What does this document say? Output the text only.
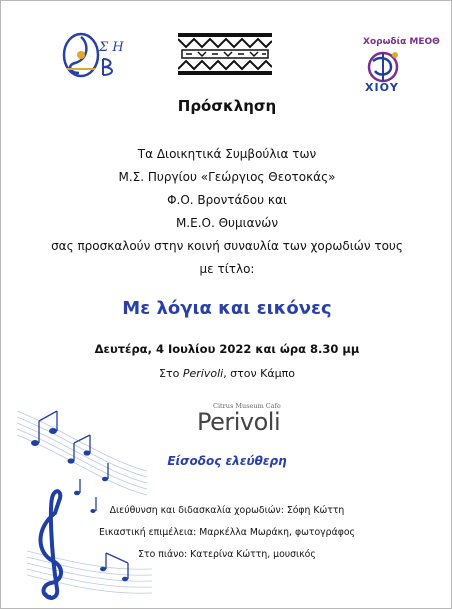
Σ Η	Χορωδία ΜΕΟΘ
ΧΙΟΥ
Πρόσκληση
Τα Διοικητικά Συμβούλια των
Μ.Σ. Πυργίου «Γεώργιος Θεοτοκάς»
Φ.Ο. Βροντάδου και
Μ.Ε.Ο. Θυμιανών
σας προσκαλούν στην κοινή συναυλία των χορωδιών τους
με τίτλο:
Με λόγια και εικόνες
Δευτέρα, 4 Ιουλίου 2022 και ώρα 8.30 μμ
Στο Perivoli, στον Κάμπο
Citrus Museum Cafe
Perivoli
Είσοδος ελεύθερη
Διεύθυνση και διδασκαλία χορωδιών: Σόφη Κώττη
Εικαστική επιμέλεια: Μαρκέλλα Μωράκη, φωτογράφος
Στο πιάνο: Κατερίνα Κώττη, μουσικός
